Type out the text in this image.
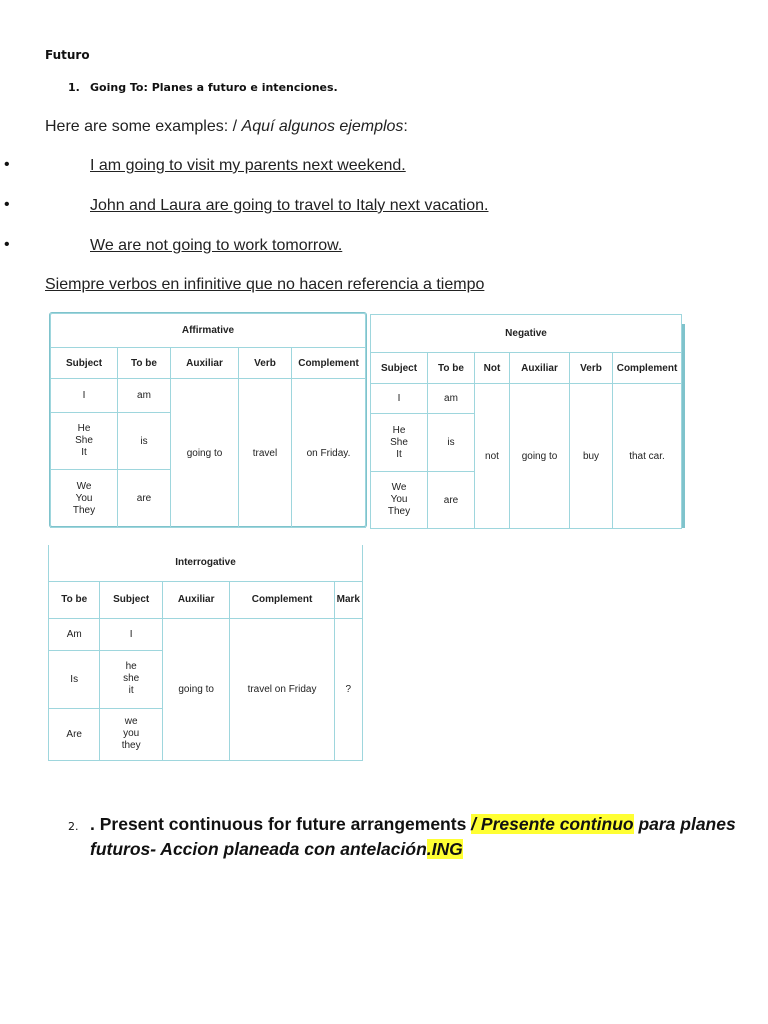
Futuro
1. Going To: Planes a futuro e intenciones.
Here are some examples: / Aquí algunos ejemplos:
•	I am going to visit my parents next weekend.
•	John and Laura are going to travel to Italy next vacation.
•	We are not going to work tomorrow.
Siempre verbos en infinitive que no hacen referencia a tiempo
Affirmative				
Subject	To be	Auxiliar	Verb	Complement
I	am	going to	travel	on Friday.
He
She
It	is			
We
You
They	are			
Negative					
Subject	To be	Not	Auxiliar	Verb	Complement
I	am	not	going to	buy	that car.
He
She
It	is				
We
You
They	are				
Interrogative				
To be	Subject	Auxiliar	Complement	Mark
Am	I	going to	travel on Friday	?
Is	he
she
it			
Are	we
you
they			
2. . Present continuous for future arrangements / Presente continuo para planes futuros- Accion planeada con antelación.ING
